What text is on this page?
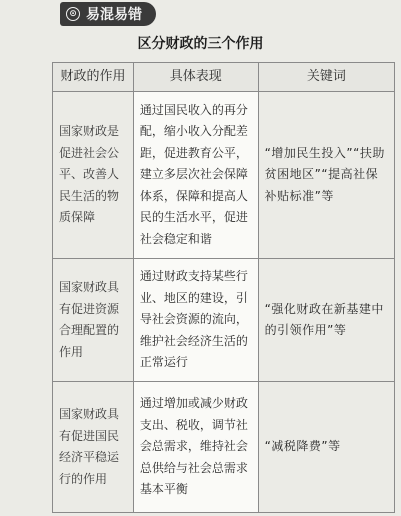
⊙ 易混易错
区分财政的三个作用
财政的作用	具体表现	关键词
国家财政是促进社会公平、改善人民生活的物质保障	通过国民收入的再分配，缩小收入分配差距，促进教育公平，建立多层次社会保障体系，保障和提高人民的生活水平，促进社会稳定和谐	“增加民生投入”“扶助贫困地区”“提高社保补贴标准”等
国家财政具有促进资源合理配置的作用	通过财政支持某些行业、地区的建设，引导社会资源的流向，维护社会经济生活的正常运行	“强化财政在新基建中的引领作用”等
国家财政具有促进国民经济平稳运行的作用	通过增加或减少财政支出、税收，调节社会总需求，维持社会总供给与社会总需求基本平衡	“减税降费”等
